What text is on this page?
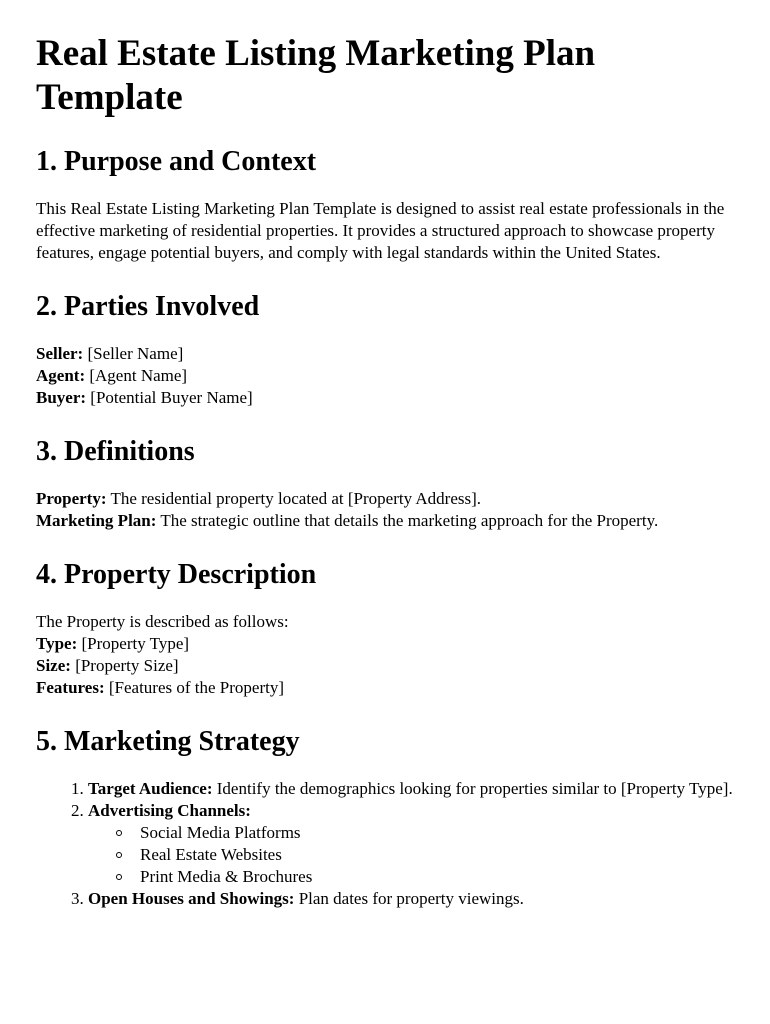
Real Estate Listing Marketing Plan Template
1. Purpose and Context

This Real Estate Listing Marketing Plan Template is designed to assist real estate professionals in the effective marketing of residential properties. It provides a structured approach to showcase property features, engage potential buyers, and comply with legal standards within the United States.

2. Parties Involved
Seller: [Seller Name]
Agent: [Agent Name]
Buyer: [Potential Buyer Name]
3. Definitions
Property: The residential property located at [Property Address].
Marketing Plan: The strategic outline that details the marketing approach for the Property.
4. Property Description
The Property is described as follows:
Type: [Property Type]
Size: [Property Size]
Features: [Features of the Property]
5. Marketing Strategy
1. Target Audience: Identify the demographics looking for properties similar to [Property Type].
2. Advertising Channels:
Social Media Platforms
Real Estate Websites
Print Media & Brochures
3. Open Houses and Showings: Plan dates for property viewings.
